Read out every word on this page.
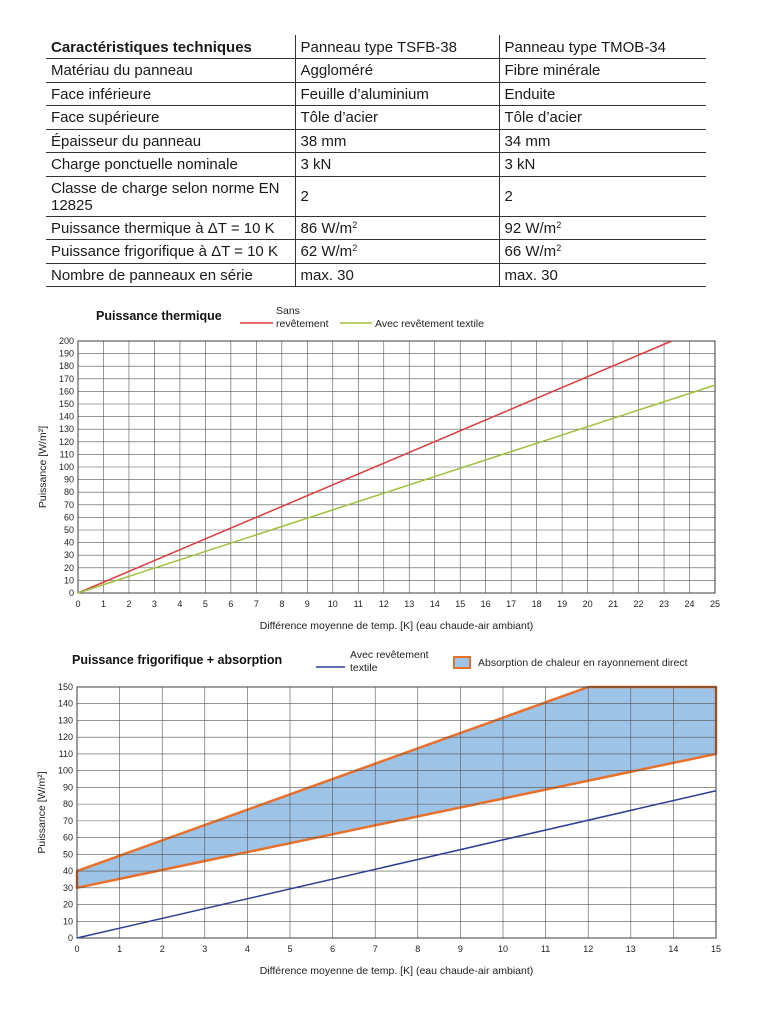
Caractéristiques techniques	Panneau type TSFB-38	Panneau type TMOB-34
Matériau du panneau	Aggloméré	Fibre minérale
Face inférieure	Feuille d’aluminium	Enduite
Face supérieure	Tôle d’acier	Tôle d’acier
Épaisseur du panneau	38 mm	34 mm
Charge ponctuelle nominale	3 kN	3 kN
Classe de charge selon norme EN 12825	2	2
Puissance thermique à ΔT = 10 K	86 $W/m^2$	92 $W/m^2$
Puissance frigorifique à ΔT = 10 K	62 $W/m^2$	66 $W/m^2$
Nombre de panneaux en série	max. 30	max. 30
Puissance thermique	Sans
revêtement	Avec revêtement textile
0 1 2 3 4 5 6 7 8 9 10 11 12 13 14 15 16 17 18 19 20 21 22 23 24 25
0
10
20
30
40
50
60
70
80
90
100
110
120
130
140
150
160
170
180
190
200
Puissance [W/m²]
Différence moyenne de temp. [K] (eau chaude-air ambiant)
Puissance frigorifique + absorption	Avec revêtement
textile	Absorption de chaleur en rayonnement direct
0	1	2	3	4	5	6	7	8	9	10	11	12	13	14	15
0
10
20
30
40
50
60
70
80
90
100
110
120
130
140
150
Puissance [W/m²]
Différence moyenne de temp. [K] (eau chaude-air ambiant)
